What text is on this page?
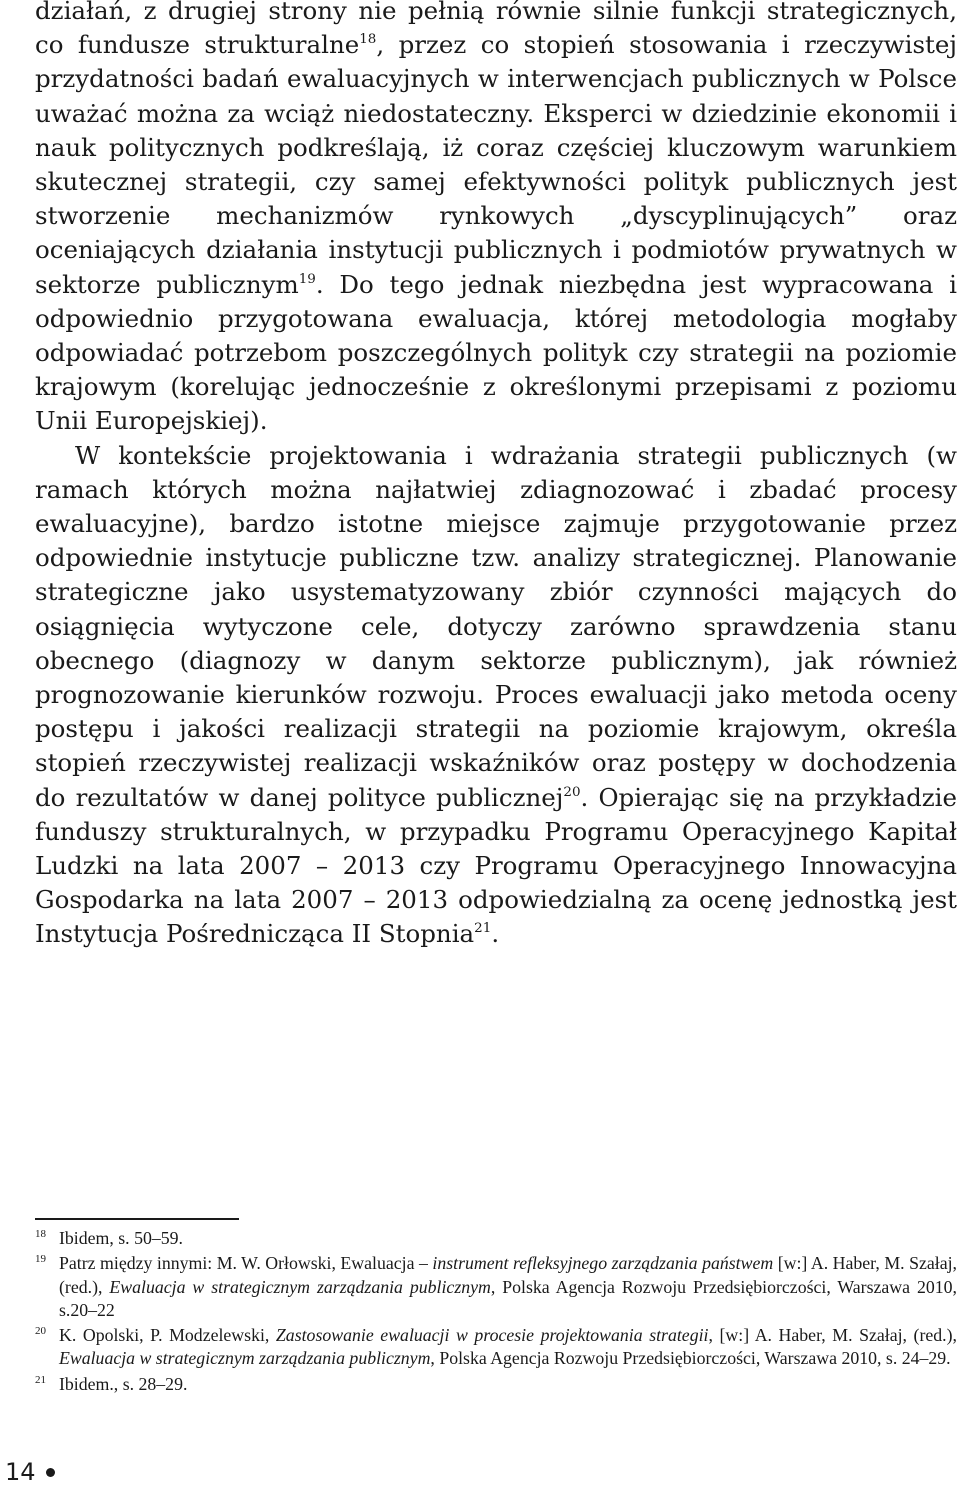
działań, z drugiej strony nie pełnią równie silnie funkcji strategicznych, co fundusze strukturalne$^{18}$, przez co stopień stosowania i rzeczywistej przydatności badań ewaluacyjnych w interwencjach publicznych w Polsce uważać można za wciąż niedostateczny. Eksperci w dziedzinie ekonomii i nauk politycznych podkreślają, iż coraz częściej kluczowym warunkiem skutecznej strategii, czy samej efektywności polityk publicznych jest stworzenie mechanizmów rynkowych „dyscyplinujących” oraz oceniających działania instytucji publicznych i podmiotów prywatnych w sektorze publicznym$^{19}$. Do tego jednak niezbędna jest wypracowana i odpowiednio przygotowana ewaluacja, której metodologia mogłaby odpowiadać potrzebom poszczególnych polityk czy strategii na poziomie krajowym (korelując jednocześnie z określonymi przepisami z poziomu Unii Europejskiej).

W kontekście projektowania i wdrażania strategii publicznych (w ramach których można najłatwiej zdiagnozować i zbadać procesy ewaluacyjne), bardzo istotne miejsce zajmuje przygotowanie przez odpowiednie instytucje publiczne tzw. analizy strategicznej. Planowanie strategiczne jako usystematyzowany zbiór czynności mających do osiągnięcia wytyczone cele, dotyczy zarówno sprawdzenia stanu obecnego (diagnozy w danym sektorze publicznym), jak również prognozowanie kierunków rozwoju. Proces ewaluacji jako metoda oceny postępu i jakości realizacji strategii na poziomie krajowym, określa stopień rzeczywistej realizacji wskaźników oraz postępy w dochodzenia do rezultatów w danej polityce publicznej$^{20}$. Opierając się na przykładzie funduszy strukturalnych, w przypadku Programu Operacyjnego Kapitał Ludzki na lata 2007 – 2013 czy Programu Operacyjnego Innowacyjna Gospodarka na lata 2007 – 2013 odpowiedzialną za ocenę jednostką jest Instytucja Pośrednicząca II Stopnia$^{21}$.

18 Ibidem, s. 50–59.
19 Patrz między innymi: M. W. Orłowski, Ewaluacja – instrument refleksyjnego zarządzania państwem [w:] A. Haber, M. Szałaj, (red.), Ewaluacja w strategicznym zarządzania publicznym, Polska Agencja Rozwoju Przedsiębiorczości, Warszawa 2010, s.20–22
20 K. Opolski, P. Modzelewski, Zastosowanie ewaluacji w procesie projektowania strategii, [w:] A. Haber, M. Szałaj, (red.), Ewaluacja w strategicznym zarządzania publicznym, Polska Agencja Rozwoju Przedsiębiorczości, Warszawa 2010, s. 24–29.
21 Ibidem., s. 28–29.
14
